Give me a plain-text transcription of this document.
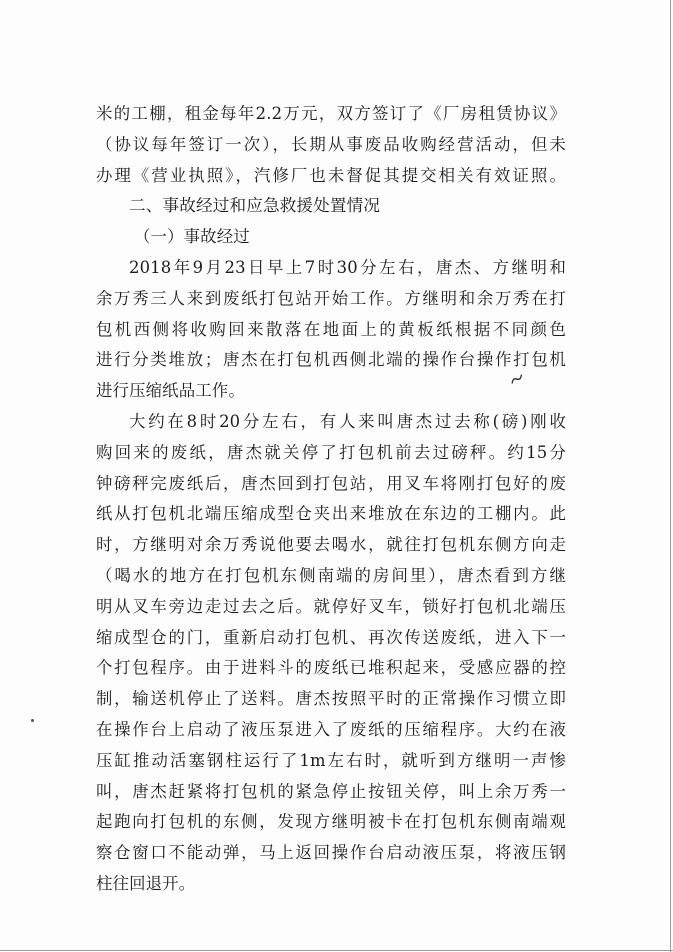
米的工棚，租金每年2.2万元，双方签订了《厂房租赁协议》
（协议每年签订一次），长期从事废品收购经营活动，但未
办理《营业执照》，汽修厂也未督促其提交相关有效证照。
二、事故经过和应急救援处置情况
（一）事故经过
2018年9月23日早上7时30分左右，唐杰、方继明和
余万秀三人来到废纸打包站开始工作。方继明和余万秀在打
包机西侧将收购回来散落在地面上的黄板纸根据不同颜色
进行分类堆放；唐杰在打包机西侧北端的操作台操作打包机
进行压缩纸品工作。
大约在8时20分左右，有人来叫唐杰过去称(磅)刚收
购回来的废纸，唐杰就关停了打包机前去过磅秤。约15分
钟磅秤完废纸后，唐杰回到打包站，用叉车将刚打包好的废
纸从打包机北端压缩成型仓夹出来堆放在东边的工棚内。此
时，方继明对余万秀说他要去喝水，就往打包机东侧方向走
（喝水的地方在打包机东侧南端的房间里），唐杰看到方继
明从叉车旁边走过去之后。就停好叉车，锁好打包机北端压
缩成型仓的门，重新启动打包机、再次传送废纸，进入下一
个打包程序。由于进料斗的废纸已堆积起来，受感应器的控
制，输送机停止了送料。唐杰按照平时的正常操作习惯立即
在操作台上启动了液压泵进入了废纸的压缩程序。大约在液
压缸推动活塞钢柱运行了1m左右时，就听到方继明一声惨
叫，唐杰赶紧将打包机的紧急停止按钮关停，叫上余万秀一
起跑向打包机的东侧，发现方继明被卡在打包机东侧南端观
察仓窗口不能动弹，马上返回操作台启动液压泵，将液压钢
柱往回退开。
